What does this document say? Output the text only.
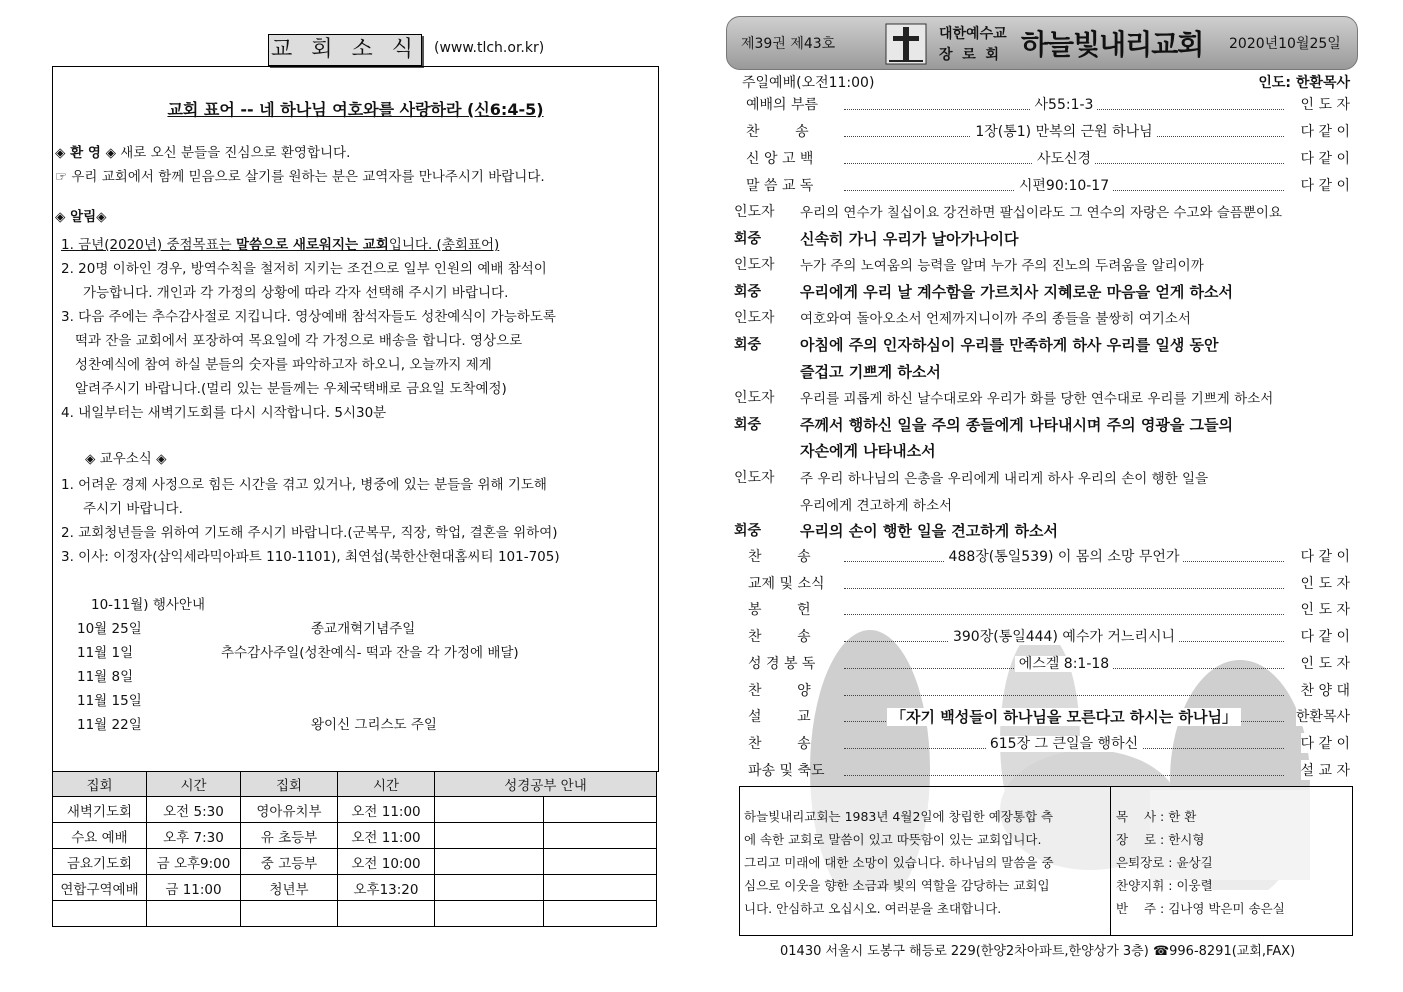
교 회 소 식 (www.tlch.or.kr)
교회 표어 -- 네 하나님 여호와를 사랑하라 (신6:4-5)
◈ 환 영 ◈ 새로 오신 분들을 진심으로 환영합니다.
☞ 우리 교회에서 함께 믿음으로 살기를 원하는 분은 교역자를 만나주시기 바랍니다.
◈ 알림◈
1. 금년(2020년) 중점목표는 말씀으로 새로워지는 교회입니다. (총회표어)
2. 20명 이하인 경우, 방역수칙을 철저히 지키는 조건으로 일부 인원의 예배 참석이
가능합니다. 개인과 각 가정의 상황에 따라 각자 선택해 주시기 바랍니다.
3. 다음 주에는 추수감사절로 지킵니다. 영상예배 참석자들도 성찬예식이 가능하도록
떡과 잔을 교회에서 포장하여 목요일에 각 가정으로 배송을 합니다. 영상으로
성찬예식에 참여 하실 분들의 숫자를 파악하고자 하오니, 오늘까지 제게
알려주시기 바랍니다.(멀리 있는 분들께는 우체국택배로 금요일 도착예정)
4. 내일부터는 새벽기도회를 다시 시작합니다. 5시30분
◈ 교우소식 ◈
1. 어려운 경제 사정으로 힘든 시간을 겪고 있거나, 병중에 있는 분들을 위해 기도해
주시기 바랍니다.
2. 교회청년들을 위하여 기도해 주시기 바랍니다.(군복무, 직장, 학업, 결혼을 위하여)
3. 이사: 이정자(삼익세라믹아파트 110-1101), 최연섭(북한산현대홈씨티 101-705)
10-11월) 행사안내
10월 25일	종교개혁기념주일
11월 1일	추수감사주일(성찬예식- 떡과 잔을 각 가정에 배달)
11월 8일
11월 15일
11월 22일	왕이신 그리스도 주일
집회	시간	집회	시간	성경공부 안내	
새벽기도회	오전 5:30	영아유치부	오전 11:00		
수요 예배	오후 7:30	유 초등부	오전 11:00		
금요기도회	금 오후9:00	중 고등부	오전 10:00		
연합구역예배	금 11:00	청년부	오후13:20		

제39권 제43호
대한예수교
장  로  회 하늘빛내리교회 2020년10월25일
주일예배(오전11:00)	인도: 한환목사
예배의 부름	사55:1-3	인 도 자
찬        송	1장(통1) 만복의 근원 하나님	다 같 이
신 앙 고 백	사도신경	다 같 이
말 씀 교 독	시편90:10-17	다 같 이
인도자 우리의 연수가 칠십이요 강건하면 팔십이라도 그 연수의 자랑은 수고와 슬픔뿐이요
회중	신속히 가니 우리가 날아가나이다
인도자 누가 주의 노여움의 능력을 알며 누가 주의 진노의 두려움을 알리이까
회중	우리에게 우리 날 계수함을 가르치사 지혜로운 마음을 얻게 하소서
인도자 여호와여 돌아오소서 언제까지니이까 주의 종들을 불쌍히 여기소서
회중	아침에 주의 인자하심이 우리를 만족하게 하사 우리를 일생 동안
즐겁고 기쁘게 하소서
인도자 우리를 괴롭게 하신 날수대로와 우리가 화를 당한 연수대로 우리를 기쁘게 하소서
회중	주께서 행하신 일을 주의 종들에게 나타내시며 주의 영광을 그들의
자손에게 나타내소서
인도자 주 우리 하나님의 은총을 우리에게 내리게 하사 우리의 손이 행한 일을
우리에게 견고하게 하소서
회중	우리의 손이 행한 일을 견고하게 하소서
찬        송	488장(통일539) 이 몸의 소망 무언가	다 같 이
교제 및 소식	인 도 자
봉        헌	인 도 자
찬        송	390장(통일444) 예수가 거느리시니	다 같 이
성 경 봉 독	에스겔 8:1-18	인 도 자
찬        양	찬 양 대
설        교	「자기 백성들이 하나님을 모른다고 하시는 하나님」	한환목사
찬        송	615장 그 큰일을 행하신	다 같 이
파송 및 축도	설 교 자
하늘빛내리교회는 1983년 4월2일에 창립한 예장통합 측
에 속한 교회로 말씀이 있고 따뜻함이 있는 교회입니다.
그리고 미래에 대한 소망이 있습니다. 하나님의 말씀을 중
심으로 이웃을 향한 소금과 빛의 역할을 감당하는 교회입
니다. 안심하고 오십시오. 여러분을 초대합니다.
목    사 : 한 환
장    로 : 한시형
은퇴장로 : 윤상길
찬양지휘 : 이웅렬
반    주 : 김나영 박은미 송은실
01430 서울시 도봉구 해등로 229(한양2차아파트,한양상가 3층) ☎996-8291(교회,FAX)
